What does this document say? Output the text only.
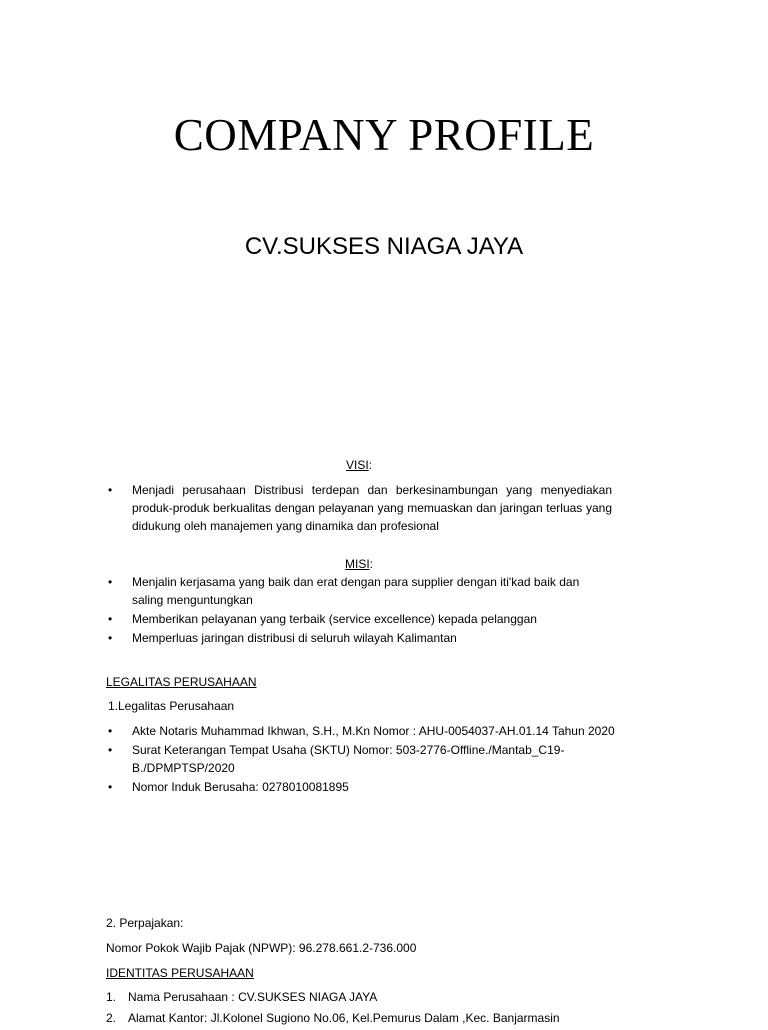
COMPANY PROFILE
CV.SUKSES NIAGA JAYA
VISI:
• Menjadi perusahaan Distribusi terdepan dan berkesinambungan yang menyediakan produk-produk berkualitas dengan pelayanan yang memuaskan dan jaringan terluas yang didukung oleh manajemen yang dinamika dan profesional
MISI:
• Menjalin kerjasama yang baik dan erat dengan para supplier dengan iti'kad baik dan saling menguntungkan
• Memberikan pelayanan yang terbaik (service excellence) kepada pelanggan
• Memperluas jaringan distribusi di seluruh wilayah Kalimantan
LEGALITAS PERUSAHAAN
1.Legalitas Perusahaan
• Akte Notaris Muhammad Ikhwan, S.H., M.Kn Nomor : AHU-0054037-AH.01.14 Tahun 2020
• Surat Keterangan Tempat Usaha (SKTU) Nomor: 503-2776-Offline./Mantab_C19-B./DPMPTSP/2020
• Nomor Induk Berusaha: 0278010081895
2. Perpajakan:
Nomor Pokok Wajib Pajak (NPWP): 96.278.661.2-736.000
IDENTITAS PERUSAHAAN
1. Nama Perusahaan : CV.SUKSES NIAGA JAYA
2. Alamat Kantor: Jl.Kolonel Sugiono No.06, Kel.Pemurus Dalam ,Kec. Banjarmasin
